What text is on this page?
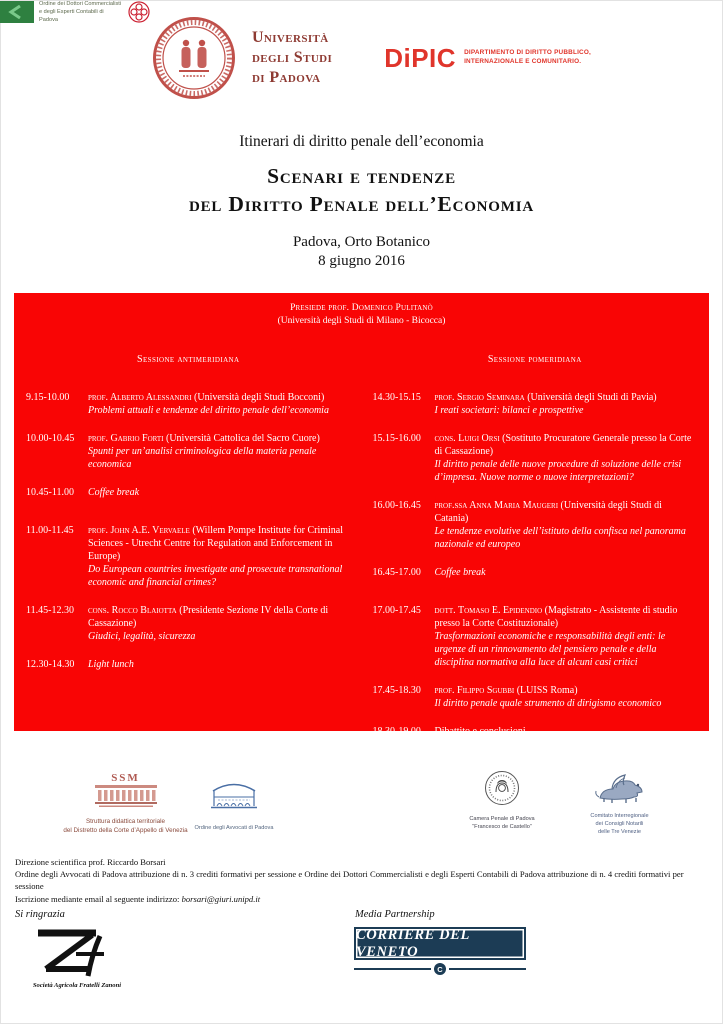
Università
degli Studi
di Padova
DiPIC DIPARTIMENTO DI DIRITTO PUBBLICO,
INTERNAZIONALE E COMUNITARIO.
Itinerari di diritto penale dell’economia
Scenari e tendenze
del Diritto Penale dell’Economia
Padova, Orto Botanico
8 giugno 2016
Presiede prof. Domenico Pulitanò
(Università degli Studi di Milano - Bicocca)
Sessione antimeridiana
9.15-10.00	prof. Alberto Alessandri (Università degli Studi Bocconi)
Problemi attuali e tendenze del diritto penale dell’economia
10.00-10.45	prof. Gabrio Forti (Università Cattolica del Sacro Cuore)
Spunti per un’analisi criminologica della materia penale economica
10.45-11.00	Coffee break
11.00-11.45	prof. John A.E. Vervaele (Willem Pompe Institute for Criminal Sciences - Utrecht Centre for Regulation and Enforcement in Europe)
Do European countries investigate and prosecute transnational economic and financial crimes?
11.45-12.30	cons. Rocco Blaiotta (Presidente Sezione IV della Corte di Cassazione)
Giudici, legalità, sicurezza
12.30-14.30	Light lunch
Sessione pomeridiana
14.30-15.15	prof. Sergio Seminara (Università degli Studi di Pavia)
I reati societari: bilanci e prospettive
15.15-16.00	cons. Luigi Orsi (Sostituto Procuratore Generale presso la Corte di Cassazione)
Il diritto penale delle nuove procedure di soluzione delle crisi d’impresa. Nuove norme o nuove interpretazioni?
16.00-16.45	prof.ssa Anna Maria Maugeri (Università degli Studi di Catania)
Le tendenze evolutive dell’istituto della confisca nel panorama nazionale ed europeo
16.45-17.00	Coffee break
17.00-17.45	dott. Tomaso E. Epidendio (Magistrato - Assistente di studio presso la Corte Costituzionale)
Trasformazioni economiche e responsabilità degli enti: le urgenze di un rinnovamento del pensiero penale e della disciplina normativa alla luce di alcuni casi critici
17.45-18.30	prof. Filippo Sgubbi (LUISS Roma)
Il diritto penale quale strumento di dirigismo economico
18.30-19.00	Dibattito e conclusioni
SSM
Struttura didattica territoriale
del Distretto della Corte d’Appello di Venezia	Ordine degli Avvocati di Padova
Ordine dei Dottori Commercialisti
e degli Esperti Contabili di Padova
Camera Penale di Padova
“Francesco de Castello”
Comitato Interregionale
dei Consigli Notarili
delle Tre Venezie
Direzione scientifica prof. Riccardo Borsari
Ordine degli Avvocati di Padova attribuzione di n. 3 crediti formativi per sessione e Ordine dei Dottori Commercialisti e degli Esperti Contabili di Padova attribuzione di n. 4 crediti formativi per sessione
Iscrizione mediante email al seguente indirizzo: borsari@giuri.unipd.it
Si ringrazia
Società Agricola Fratelli Zanoni
Media Partnership
CORRIERE DEL VENETO
C
